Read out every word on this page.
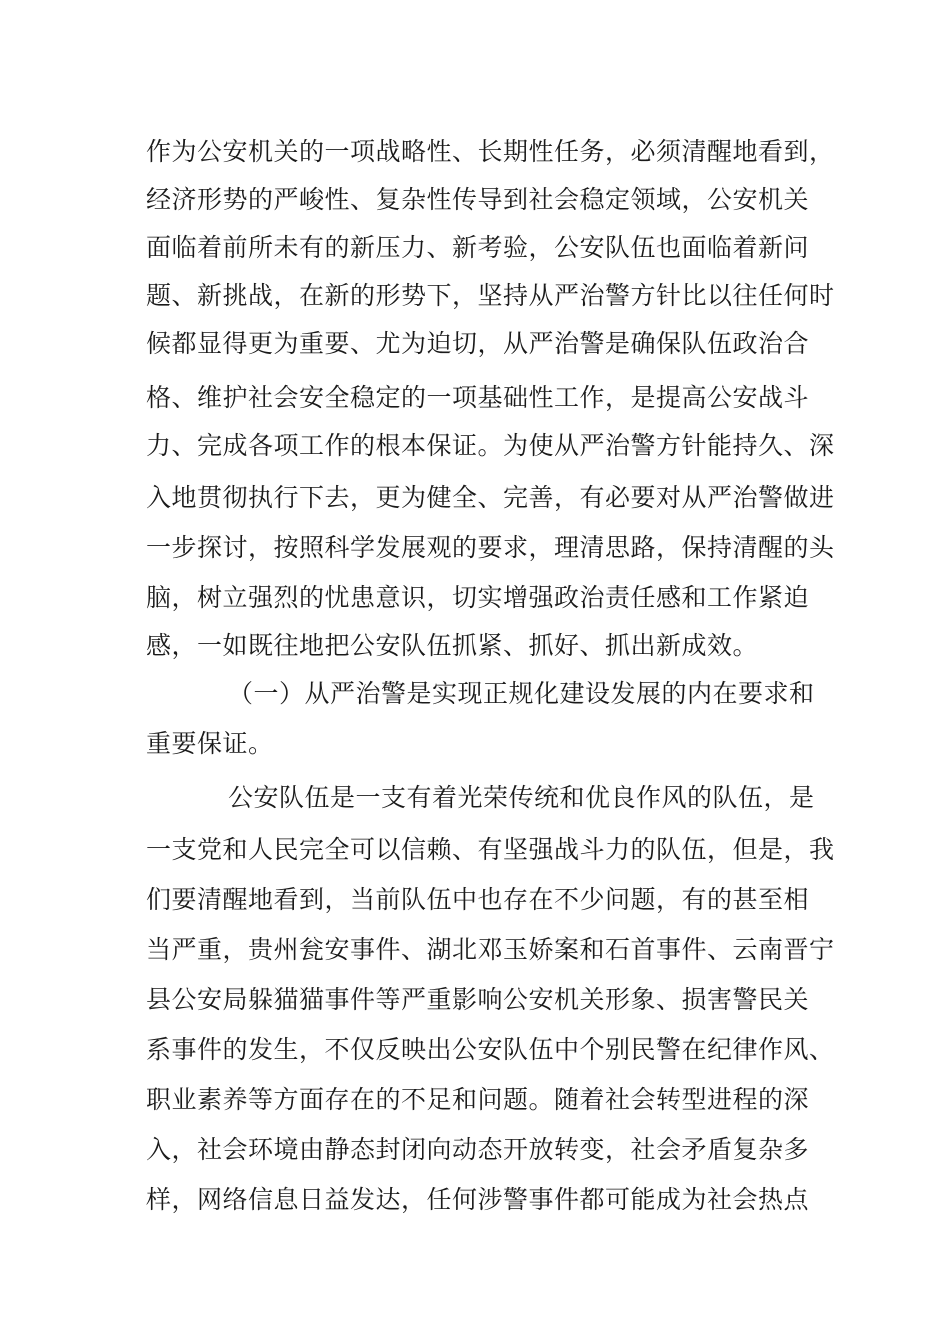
作为公安机关的一项战略性、长期性任务，必须清醒地看到，
经济形势的严峻性、复杂性传导到社会稳定领域，公安机关
面临着前所未有的新压力、新考验，公安队伍也面临着新问
题、新挑战，在新的形势下，坚持从严治警方针比以往任何时
候都显得更为重要、尤为迫切，从严治警是确保队伍政治合
格、维护社会安全稳定的一项基础性工作，是提高公安战斗
力、完成各项工作的根本保证。为使从严治警方针能持久、深
入地贯彻执行下去，更为健全、完善，有必要对从严治警做进
一步探讨，按照科学发展观的要求，理清思路，保持清醒的头
脑，树立强烈的忧患意识，切实增强政治责任感和工作紧迫
感，一如既往地把公安队伍抓紧、抓好、抓出新成效。
（一）从严治警是实现正规化建设发展的内在要求和
重要保证。
公安队伍是一支有着光荣传统和优良作风的队伍，是
一支党和人民完全可以信赖、有坚强战斗力的队伍，但是，我
们要清醒地看到，当前队伍中也存在不少问题，有的甚至相
当严重，贵州瓮安事件、湖北邓玉娇案和石首事件、云南晋宁
县公安局躲猫猫事件等严重影响公安机关形象、损害警民关
系事件的发生，不仅反映出公安队伍中个别民警在纪律作风、
职业素养等方面存在的不足和问题。随着社会转型进程的深
入，社会环境由静态封闭向动态开放转变，社会矛盾复杂多
样，网络信息日益发达，任何涉警事件都可能成为社会热点
